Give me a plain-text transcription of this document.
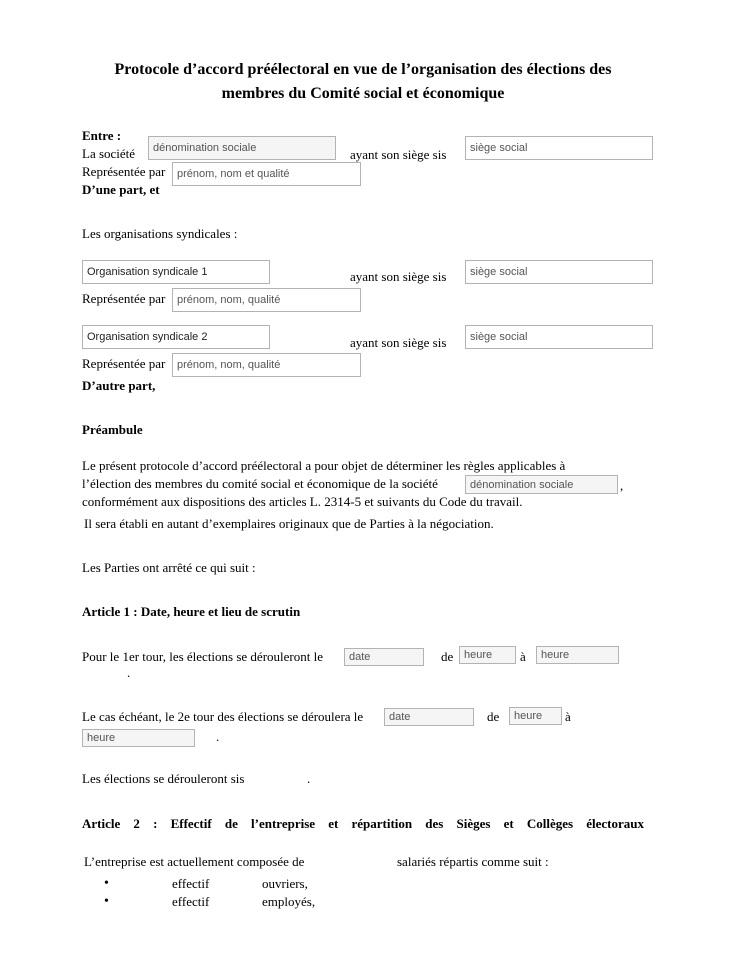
Protocole d’accord préélectoral en vue de l’organisation des élections des
membres du Comité social et économique
Entre :
La société
dénomination sociale	ayant son siège sis
siège social
Représentée par
prénom, nom et qualité
D’une part, et
Les organisations syndicales :
Organisation syndicale 1
ayant son siège sis
siège social
Représentée par
prénom, nom, qualité
Organisation syndicale 2
ayant son siège sis
siège social
Représentée par
prénom, nom, qualité
D’autre part,
Préambule
Le présent protocole d’accord préélectoral a pour objet de déterminer les règles applicables à
l’élection des membres du comité social et économique de la société
dénomination sociale	,
conformément aux dispositions des articles L. 2314-5 et suivants du Code du travail.
Il sera établi en autant d’exemplaires originaux que de Parties à la négociation.
Les Parties ont arrêté ce qui suit :
Article 1 : Date, heure et lieu de scrutin
Pour le 1er tour, les élections se dérouleront le
date	de
heure	à
heure
.
Le cas échéant, le 2e tour des élections se déroulera le
date	de
heure	à
heure
.
Les élections se dérouleront sis	.
Article 2 : Effectif de l’entreprise et répartition des Sièges et Collèges électoraux
L’entreprise est actuellement composée de	salariés répartis comme suit :
•	effectif	ouvriers,
•	effectif	employés,
